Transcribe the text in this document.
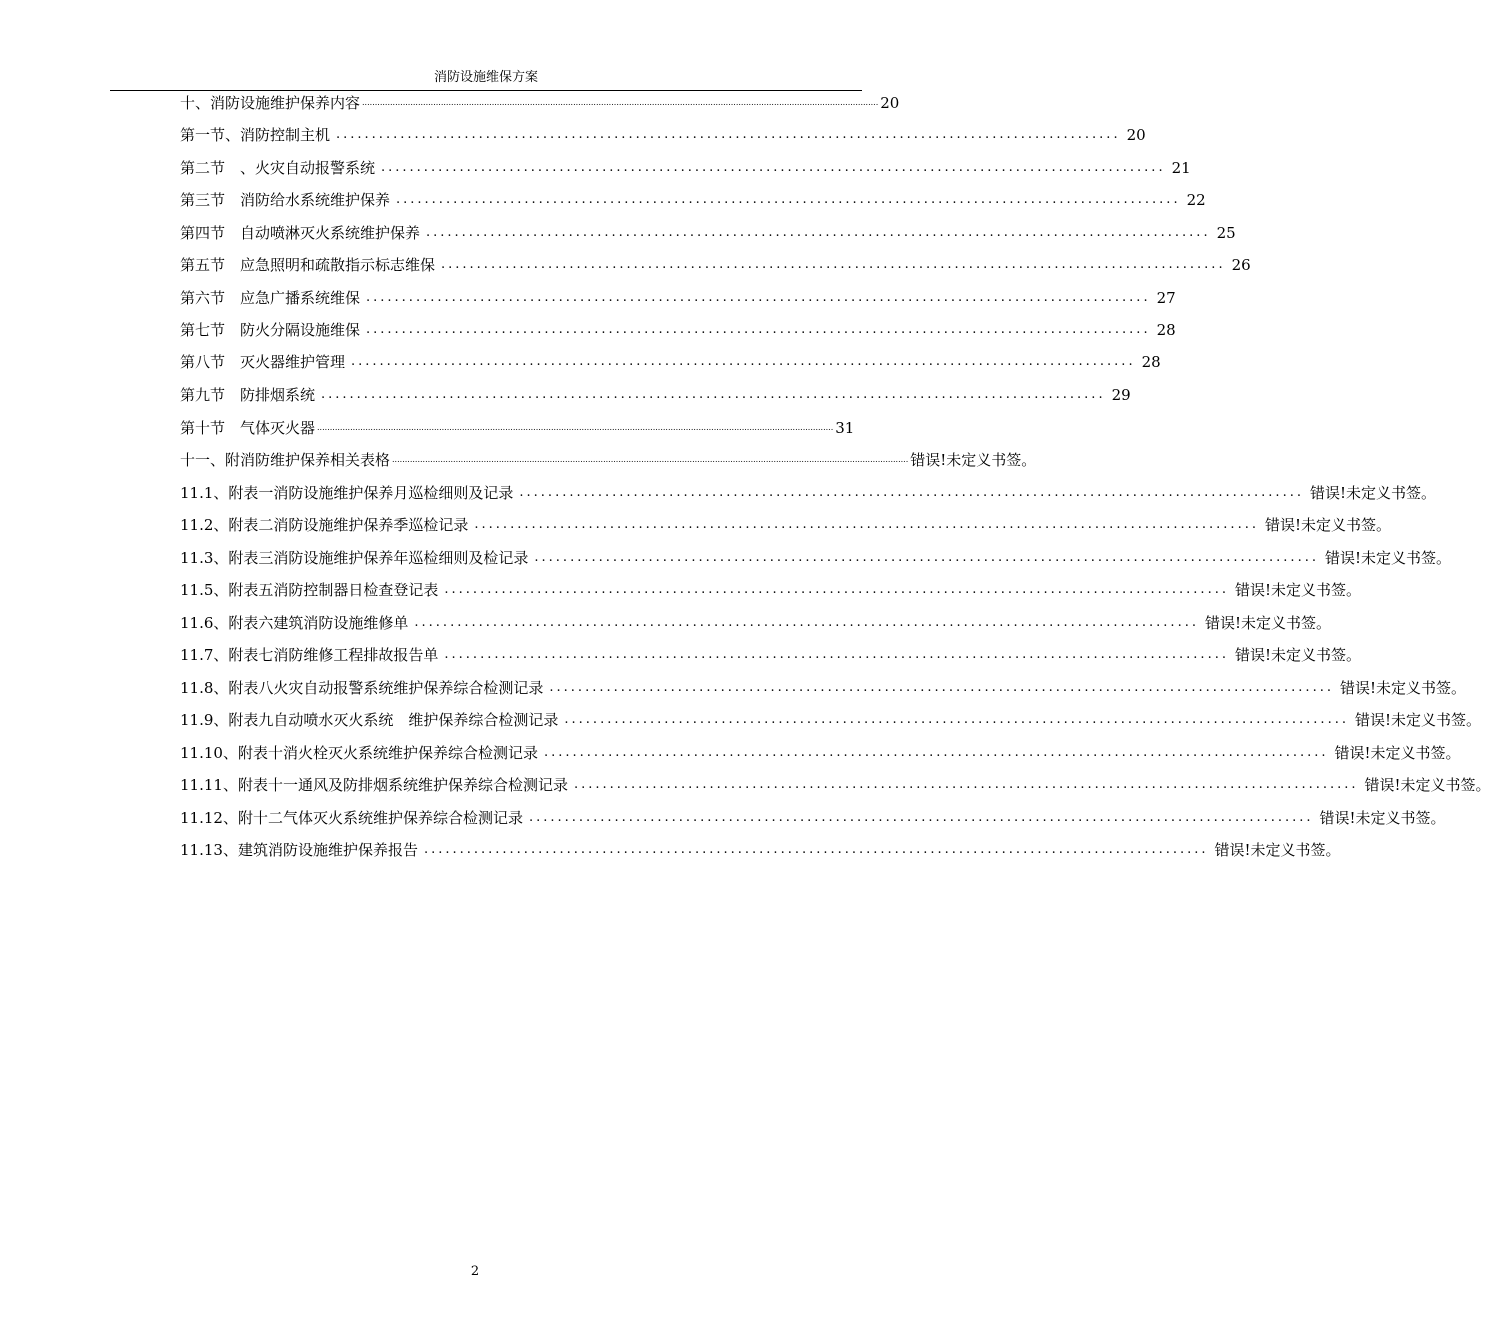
消防设施维保方案
十、消防设施维护保养内容 ........................................................................................................................................................................................................... 20
第一节、消防控制主机 .............................................................................................................. 20
第二节　、火灾自动报警系统 .............................................................................................................. 21
第三节　消防给水系统维护保养 .............................................................................................................. 22
第四节　自动喷淋灭火系统维护保养 .............................................................................................................. 25
第五节　应急照明和疏散指示标志维保 .............................................................................................................. 26
第六节　应急广播系统维保 .............................................................................................................. 27
第七节　防火分隔设施维保 .............................................................................................................. 28
第八节　灭火器维护管理 .............................................................................................................. 28
第九节　防排烟系统 .............................................................................................................. 29
第十节　气体灭火器 ........................................................................................................................................................................................................... 31
十一、附消防维护保养相关表格 ........................................................................................................................................................................................................... 错误!未定义书签。
11.1、附表一消防设施维护保养月巡检细则及记录 .............................................................................................................. 错误!未定义书签。
11.2、附表二消防设施维护保养季巡检记录 .............................................................................................................. 错误!未定义书签。
11.3、附表三消防设施维护保养年巡检细则及检记录 .............................................................................................................. 错误!未定义书签。
11.5、附表五消防控制器日检查登记表 .............................................................................................................. 错误!未定义书签。
11.6、附表六建筑消防设施维修单 .............................................................................................................. 错误!未定义书签。
11.7、附表七消防维修工程排故报告单 .............................................................................................................. 错误!未定义书签。
11.8、附表八火灾自动报警系统维护保养综合检测记录 .............................................................................................................. 错误!未定义书签。
11.9、附表九自动喷水灭火系统　维护保养综合检测记录 .............................................................................................................. 错误!未定义书签。
11.10、附表十消火栓灭火系统维护保养综合检测记录 .............................................................................................................. 错误!未定义书签。
11.11、附表十一通风及防排烟系统维护保养综合检测记录 .............................................................................................................. 错误!未定义书签。
11.12、附十二气体灭火系统维护保养综合检测记录 .............................................................................................................. 错误!未定义书签。
11.13、建筑消防设施维护保养报告 .............................................................................................................. 错误!未定义书签。
2
